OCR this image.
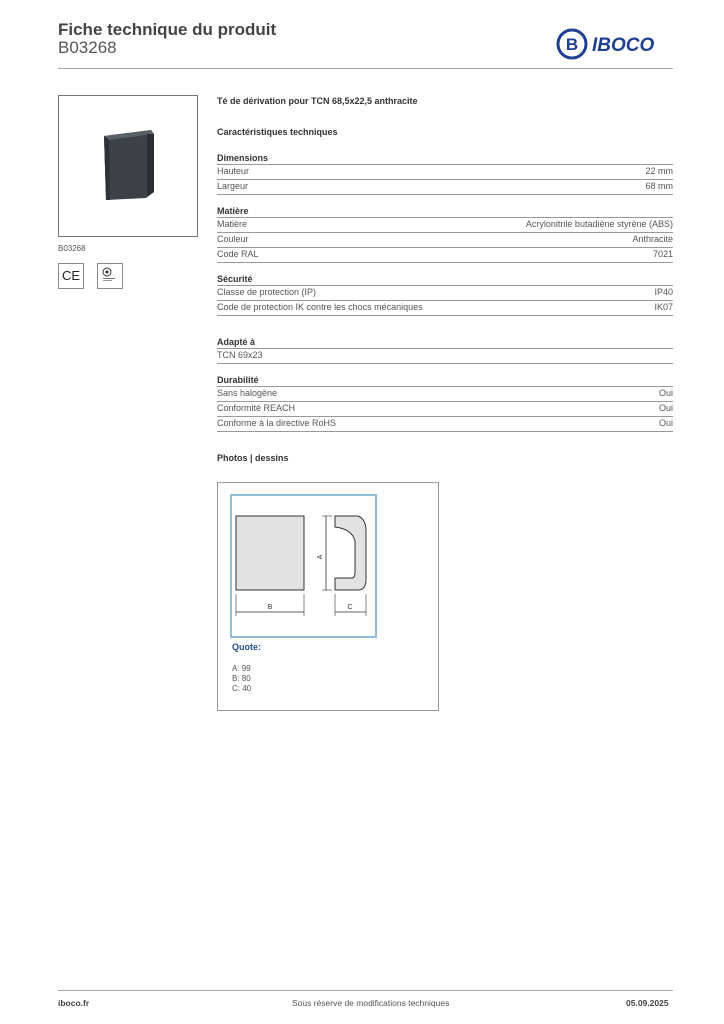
Fiche technique du produit
B03268	B IBOCO
B03268
CE
Té de dérivation pour TCN 68,5x22,5 anthracite
Caractéristiques techniques
Dimensions
Hauteur	22 mm
Largeur	68 mm
Matière
Matière	Acrylonitrile butadiène styrène (ABS)
Couleur	Anthracite
Code RAL	7021
Sécurité
Classe de protection (IP)	IP40
Code de protection IK contre les chocs mécaniques	IK07
Adapté à
TCN 69x23
Durabilité
Sans halogène	Oui
Conformité REACH	Oui
Conforme à la directive RoHS	Oui
Photos | dessins
B
A
C
Quote:
A: 99
B: 80
C: 40
iboco.fr	Sous réserve de modifications techniques	05.09.2025
